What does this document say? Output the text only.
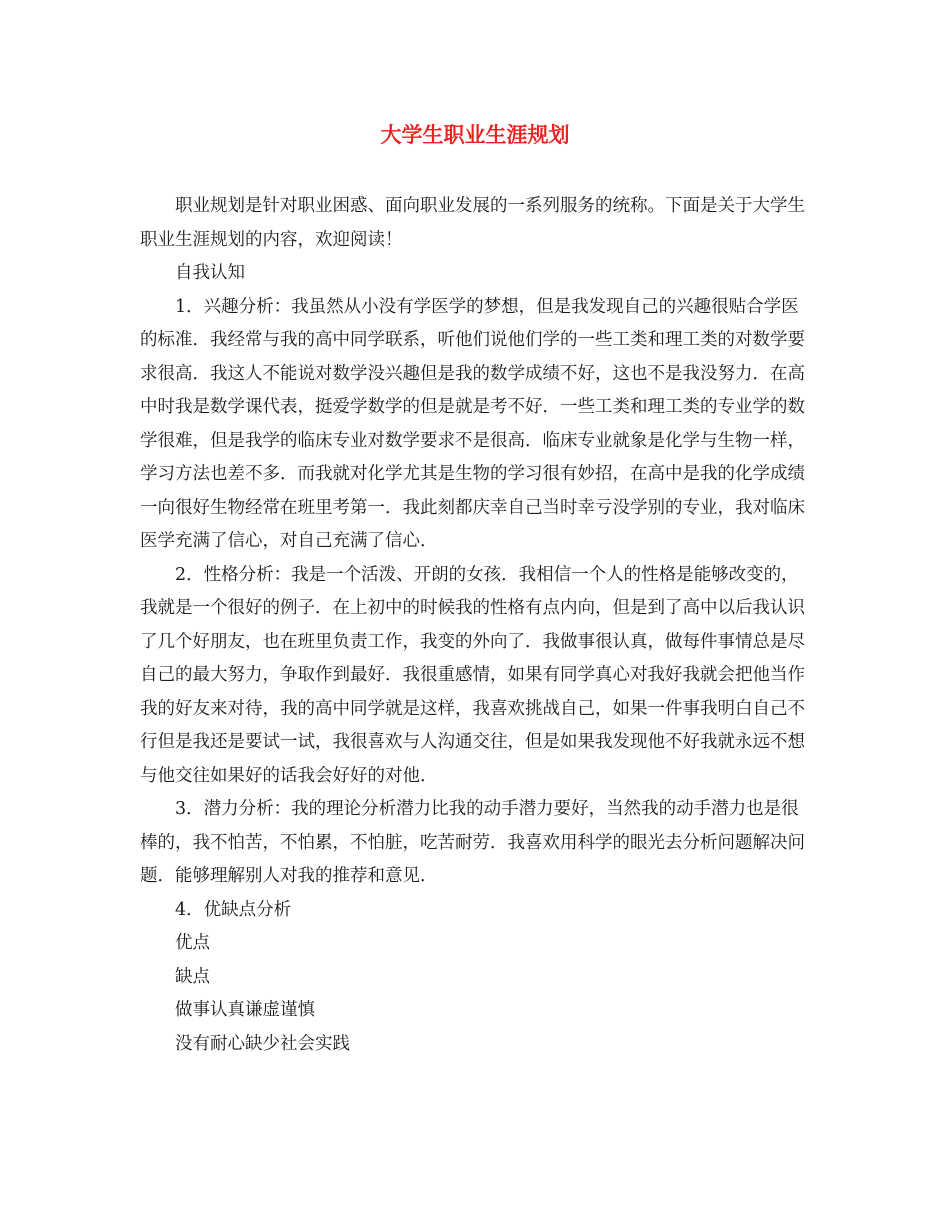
大学生职业生涯规划

职业规划是针对职业困惑、面向职业发展的一系列服务的统称。下面是关于大学生职业生涯规划的内容，欢迎阅读！

自我认知

1．兴趣分析：我虽然从小没有学医学的梦想，但是我发现自己的兴趣很贴合学医的标准．我经常与我的高中同学联系，听他们说他们学的一些工类和理工类的对数学要求很高．我这人不能说对数学没兴趣但是我的数学成绩不好，这也不是我没努力．在高中时我是数学课代表，挺爱学数学的但是就是考不好．一些工类和理工类的专业学的数学很难，但是我学的临床专业对数学要求不是很高．临床专业就象是化学与生物一样，学习方法也差不多．而我就对化学尤其是生物的学习很有妙招，在高中是我的化学成绩一向很好生物经常在班里考第一．我此刻都庆幸自己当时幸亏没学别的专业，我对临床医学充满了信心，对自己充满了信心．

2．性格分析：我是一个活泼、开朗的女孩．我相信一个人的性格是能够改变的，我就是一个很好的例子．在上初中的时候我的性格有点内向，但是到了高中以后我认识了几个好朋友，也在班里负责工作，我变的外向了．我做事很认真，做每件事情总是尽自己的最大努力，争取作到最好．我很重感情，如果有同学真心对我好我就会把他当作我的好友来对待，我的高中同学就是这样，我喜欢挑战自己，如果一件事我明白自己不行但是我还是要试一试，我很喜欢与人沟通交往，但是如果我发现他不好我就永远不想与他交往如果好的话我会好好的对他．

3．潜力分析：我的理论分析潜力比我的动手潜力要好，当然我的动手潜力也是很棒的，我不怕苦，不怕累，不怕脏，吃苦耐劳．我喜欢用科学的眼光去分析问题解决问题．能够理解别人对我的推荐和意见．

4．优缺点分析

优点

缺点

做事认真谦虚谨慎

没有耐心缺少社会实践
